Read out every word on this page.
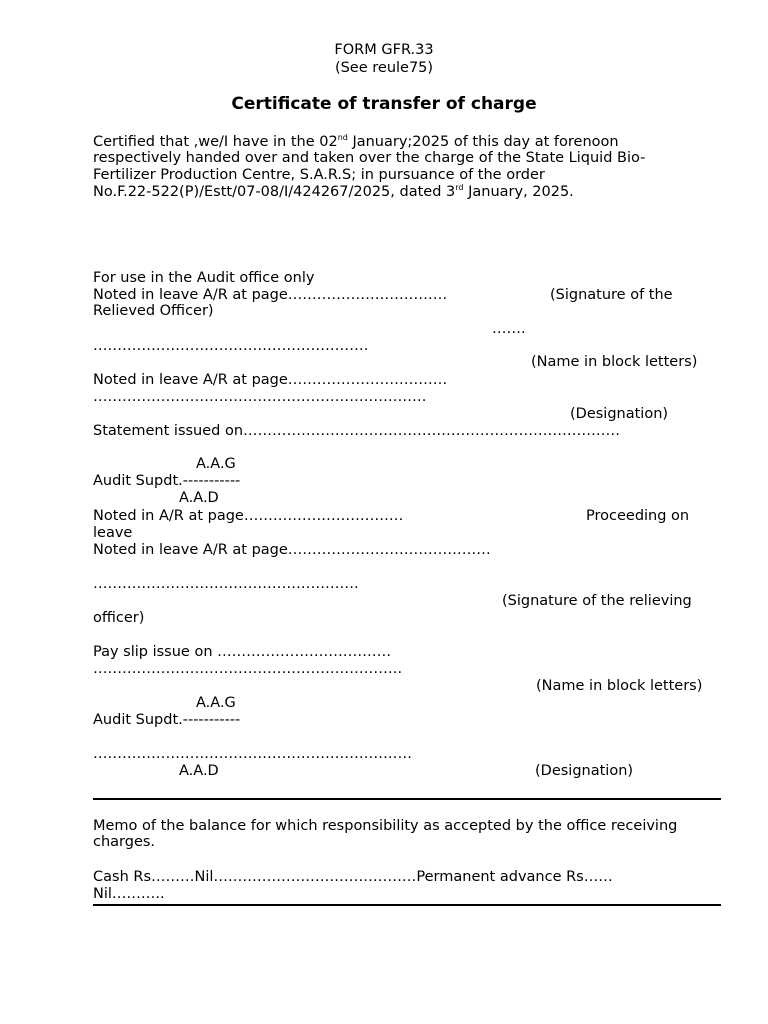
FORM GFR.33
(See reule75)
Certificate of transfer of charge
Certified that ,we/I have in the 02nd January;2025 of this day at forenoon
respectively handed over and taken over the charge of the State Liquid Bio-
Fertilizer Production Centre, S.A.R.S; in pursuance of the order
No.F.22-522(P)/Estt/07-08/I/424267/2025, dated 3rd January, 2025.
For use in the Audit office only
Noted in leave A/R at page……………………………	(Signature of the
Relieved Officer)
…….
…………………………………………………
(Name in block letters)
Noted in leave A/R at page……………………………
……………………………………………………………
(Designation)
Statement issued on……………………………………………………………………
A.A.G
Audit Supdt.-----------
A.A.D
Noted in A/R at page……………………………	Proceeding on
leave
Noted in leave A/R at page……………………………………
……………………………………………….
(Signature of the relieving
officer)
Pay slip issue on ………………………………
……………………………………………………….
(Name in block letters)
A.A.G
Audit Supdt.-----------
…………………………………………………………
A.A.D	(Designation)
Memo of the balance for which responsibility as accepted by the office receiving
charges.
Cash Rs………Nil……………………………………Permanent advance Rs……
Nil………..
